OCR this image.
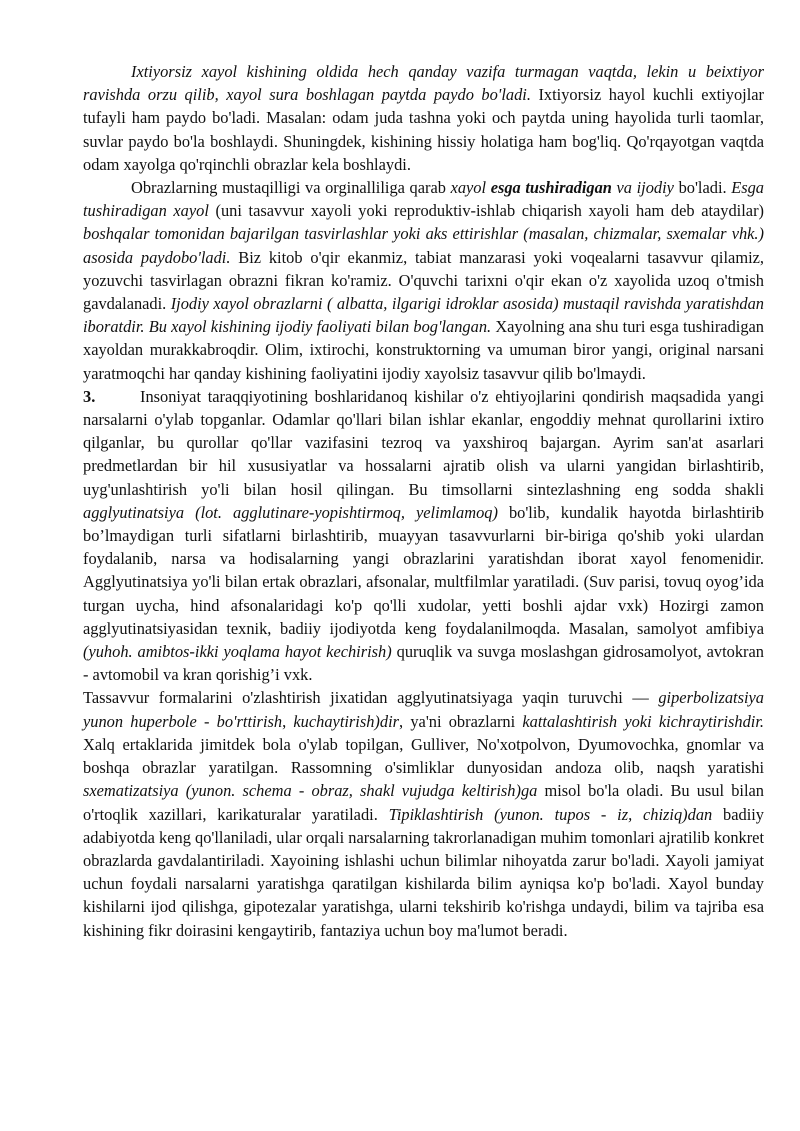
Ixtiyorsiz xayol kishining oldida hech qanday vazifa turmagan vaqtda, lekin u beixtiyor ravishda orzu qilib, xayol sura boshlagan paytda paydo bo'ladi. Ixtiyorsiz hayol kuchli extiyojlar tufayli ham paydo bo'ladi. Masalan: odam juda tashna yoki och paytda uning hayolida turli taomlar, suvlar paydo bo'la boshlaydi. Shuningdek, kishining hissiy holatiga ham bog'liq. Qo'rqayotgan vaqtda odam xayolga qo'rqinchli obrazlar kela boshlaydi.

Obrazlarning mustaqilligi va orginalliliga qarab xayol esga tushiradigan va ijodiy bo'ladi. Esga tushiradigan xayol (uni tasavvur xayoli yoki reproduktiv-ishlab chiqarish xayoli ham deb ataydilar) boshqalar tomonidan bajarilgan tasvirlashlar yoki aks ettirishlar (masalan, chizmalar, sxemalar vhk.) asosida paydobo'ladi. Biz kitob o'qir ekanmiz, tabiat manzarasi yoki voqealarni tasavvur qilamiz, yozuvchi tasvirlagan obrazni fikran ko'ramiz. O'quvchi tarixni o'qir ekan o'z xayolida uzoq o'tmish gavdalanadi. Ijodiy xayol obrazlarni ( albatta, ilgarigi idroklar asosida) mustaqil ravishda yaratishdan iboratdir. Bu xayol kishining ijodiy faoliyati bilan bog'langan. Xayolning ana shu turi esga tushiradigan xayoldan murakkabroqdir. Olim, ixtirochi, konstruktorning va umuman biror yangi, original narsani yaratmoqchi har qanday kishining faoliyatini ijodiy xayolsiz tasavvur qilib bo'lmaydi.

3.	Insoniyat taraqqiyotining boshlaridanoq kishilar o'z ehtiyojlarini qondirish maqsadida yangi narsalarni o'ylab topganlar. Odamlar qo'llari bilan ishlar ekanlar, engoddiy mehnat qurollarini ixtiro qilganlar, bu qurollar qo'llar vazifasini tezroq va yaxshiroq bajargan. Ayrim san'at asarlari predmetlardan bir hil xususiyatlar va hossalarni ajratib olish va ularni yangidan birlashtirib, uyg'unlashtirish yo'li bilan hosil qilingan. Bu timsollarni sintezlashning eng sodda shakli agglyutinatsiya (lot. agglutinare-yopishtirmoq, yelimlamoq) bo'lib, kundalik hayotda birlashtirib bo’lmaydigan turli sifatlarni birlashtirib, muayyan tasavvurlarni bir-biriga qo'shib yoki ulardan foydalanib, narsa va hodisalarning yangi obrazlarini yaratishdan iborat xayol fenomenidir. Agglyutinatsiya yo'li bilan ertak obrazlari, afsonalar, multfilmlar yaratiladi. (Suv parisi, tovuq oyog’ida turgan uycha, hind afsonalaridagi ko'p qo'lli xudolar, yetti boshli ajdar vxk) Hozirgi zamon agglyutinatsiyasidan texnik, badiiy ijodiyotda keng foydalanilmoqda. Masalan, samolyot amfibiya (yuhoh. amibtos-ikki yoqlama hayot kechirish) quruqlik va suvga moslashgan gidrosamolyot, avtokran - avtomobil va kran qorishig’i vxk.

Tassavvur formalarini o'zlashtirish jixatidan agglyutinatsiyaga yaqin turuvchi — giperbolizatsiya yunon huperbole - bo'rttirish, kuchaytirish)dir, ya'ni obrazlarni kattalashtirish yoki kichraytirishdir. Xalq ertaklarida jimitdek bola o'ylab topilgan, Gulliver, No'xotpolvon, Dyumovochka, gnomlar va boshqa obrazlar yaratilgan. Rassomning o'simliklar dunyosidan andoza olib, naqsh yaratishi sxematizatsiya (yunon. schema - obraz, shakl vujudga keltirish)ga misol bo'la oladi. Bu usul bilan o'rtoqlik xazillari, karikaturalar yaratiladi. Tipiklashtirish (yunon. tupos - iz, chiziq)dan badiiy adabiyotda keng qo'llaniladi, ular orqali narsalarning takrorlanadigan muhim tomonlari ajratilib konkret obrazlarda gavdalantiriladi. Xayoining ishlashi uchun bilimlar nihoyatda zarur bo'ladi. Xayoli jamiyat uchun foydali narsalarni yaratishga qaratilgan kishilarda bilim ayniqsa ko'p bo'ladi. Xayol bunday kishilarni ijod qilishga, gipotezalar yaratishga, ularni tekshirib ko'rishga undaydi, bilim va tajriba esa kishining fikr doirasini kengaytirib, fantaziya uchun boy ma'lumot beradi.
